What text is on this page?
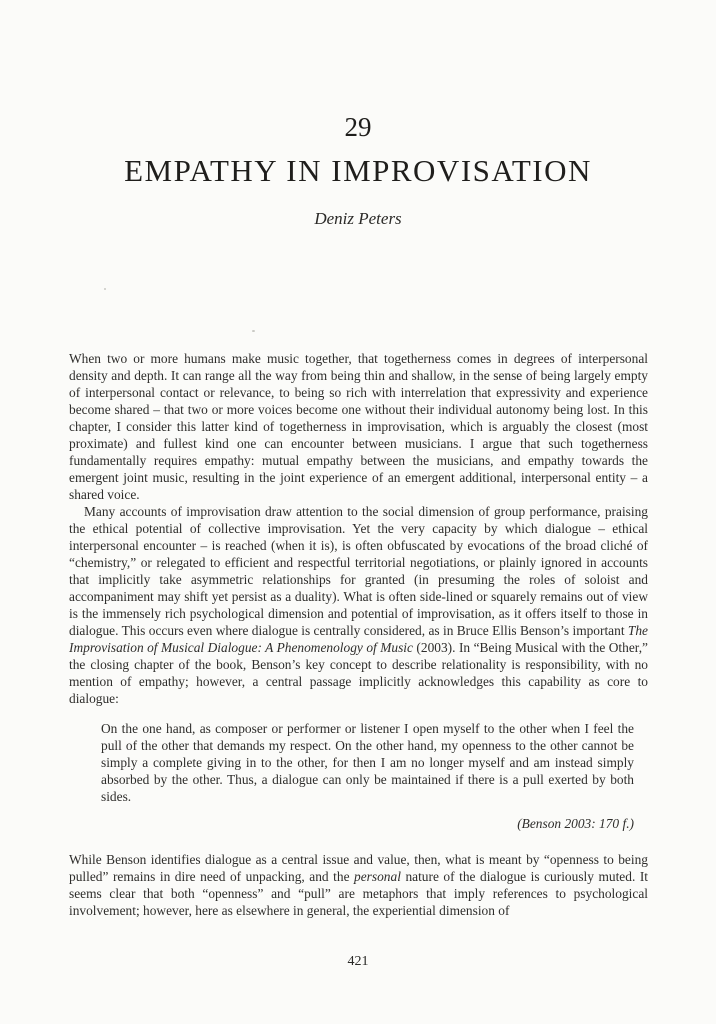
29
EMPATHY IN IMPROVISATION
Deniz Peters

When two or more humans make music together, that togetherness comes in degrees of interpersonal density and depth. It can range all the way from being thin and shallow, in the sense of being largely empty of interpersonal contact or relevance, to being so rich with interrelation that expressivity and experience become shared – that two or more voices become one without their individual autonomy being lost. In this chapter, I consider this latter kind of togetherness in improvisation, which is arguably the closest (most proximate) and fullest kind one can encounter between musicians. I argue that such togetherness fundamentally requires empathy: mutual empathy between the musicians, and empathy towards the emergent joint music, resulting in the joint experience of an emergent additional, interpersonal entity – a shared voice.

Many accounts of improvisation draw attention to the social dimension of group performance, praising the ethical potential of collective improvisation. Yet the very capacity by which dialogue – ethical interpersonal encounter – is reached (when it is), is often obfuscated by evocations of the broad cliché of “chemistry,” or relegated to efficient and respectful territorial negotiations, or plainly ignored in accounts that implicitly take asymmetric relationships for granted (in presuming the roles of soloist and accompaniment may shift yet persist as a duality). What is often side-lined or squarely remains out of view is the immensely rich psychological dimension and potential of improvisation, as it offers itself to those in dialogue. This occurs even where dialogue is centrally considered, as in Bruce Ellis Benson’s important The Improvisation of Musical Dialogue: A Phenomenology of Music (2003). In “Being Musical with the Other,” the closing chapter of the book, Benson’s key concept to describe relationality is responsibility, with no mention of empathy; however, a central passage implicitly acknowledges this capability as core to dialogue:

On the one hand, as composer or performer or listener I open myself to the other when I feel the pull of the other that demands my respect. On the other hand, my openness to the other cannot be simply a complete giving in to the other, for then I am no longer myself and am instead simply absorbed by the other. Thus, a dialogue can only be maintained if there is a pull exerted by both sides.
(Benson 2003: 170 f.)

While Benson identifies dialogue as a central issue and value, then, what is meant by “openness to being pulled” remains in dire need of unpacking, and the personal nature of the dialogue is curiously muted. It seems clear that both “openness” and “pull” are metaphors that imply references to psychological involvement; however, here as elsewhere in general, the experiential dimension of

421
